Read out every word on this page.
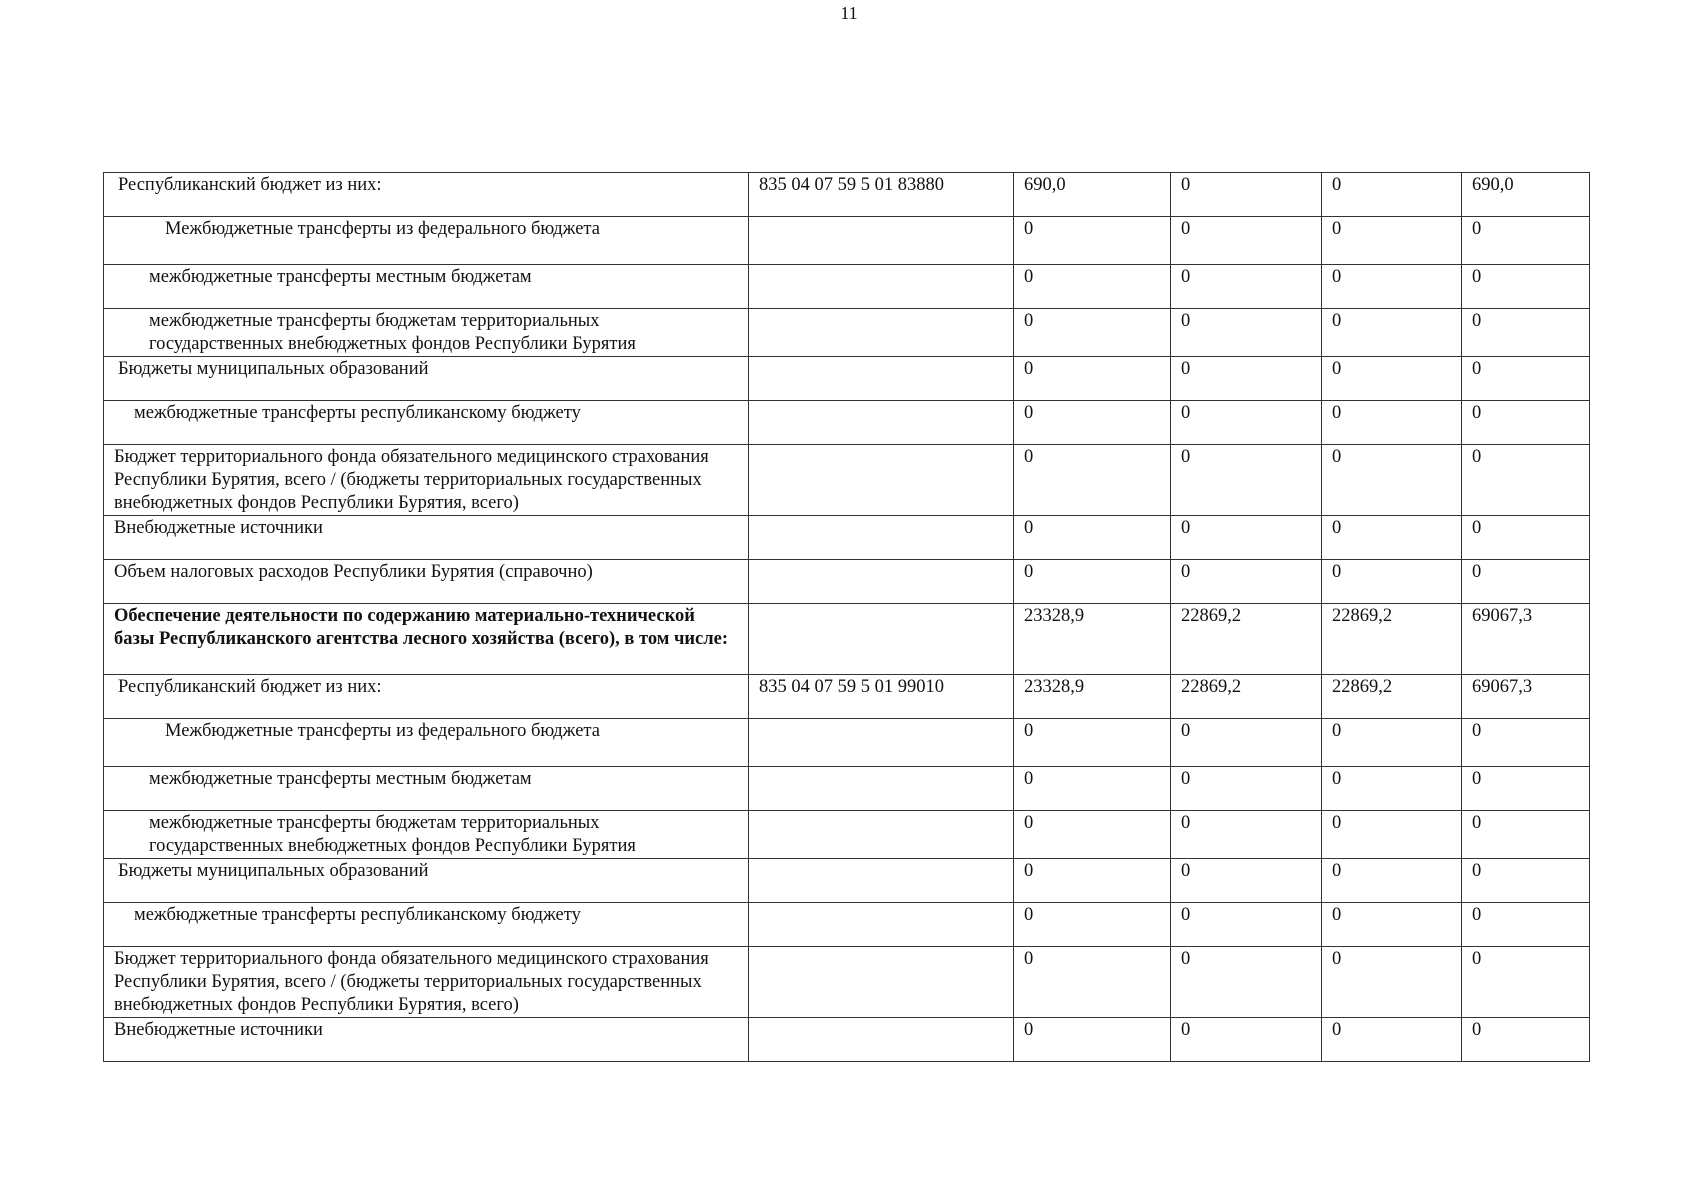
11
Республиканский бюджет из них:	835 04 07 59 5 01 83880	690,0	0	0	690,0
Межбюджетные трансферты из федерального бюджета		0	0	0	0
межбюджетные трансферты местным бюджетам		0	0	0	0
межбюджетные трансферты бюджетам территориальных государственных внебюджетных фондов Республики Бурятия		0	0	0	0
Бюджеты муниципальных образований		0	0	0	0
межбюджетные трансферты республиканскому бюджету		0	0	0	0
Бюджет территориального фонда обязательного медицинского страхования Республики Бурятия, всего / (бюджеты территориальных государственных внебюджетных фондов Республики Бурятия, всего)		0	0	0	0
Внебюджетные источники		0	0	0	0
Объем налоговых расходов Республики Бурятия (справочно)		0	0	0	0
Обеспечение деятельности по содержанию материально-технической базы Республиканского агентства лесного хозяйства (всего), в том числе:		23328,9	22869,2	22869,2	69067,3
Республиканский бюджет из них:	835 04 07 59 5 01 99010	23328,9	22869,2	22869,2	69067,3
Межбюджетные трансферты из федерального бюджета		0	0	0	0
межбюджетные трансферты местным бюджетам		0	0	0	0
межбюджетные трансферты бюджетам территориальных государственных внебюджетных фондов Республики Бурятия		0	0	0	0
Бюджеты муниципальных образований		0	0	0	0
межбюджетные трансферты республиканскому бюджету		0	0	0	0
Бюджет территориального фонда обязательного медицинского страхования Республики Бурятия, всего / (бюджеты территориальных государственных внебюджетных фондов Республики Бурятия, всего)		0	0	0	0
Внебюджетные источники		0	0	0	0
